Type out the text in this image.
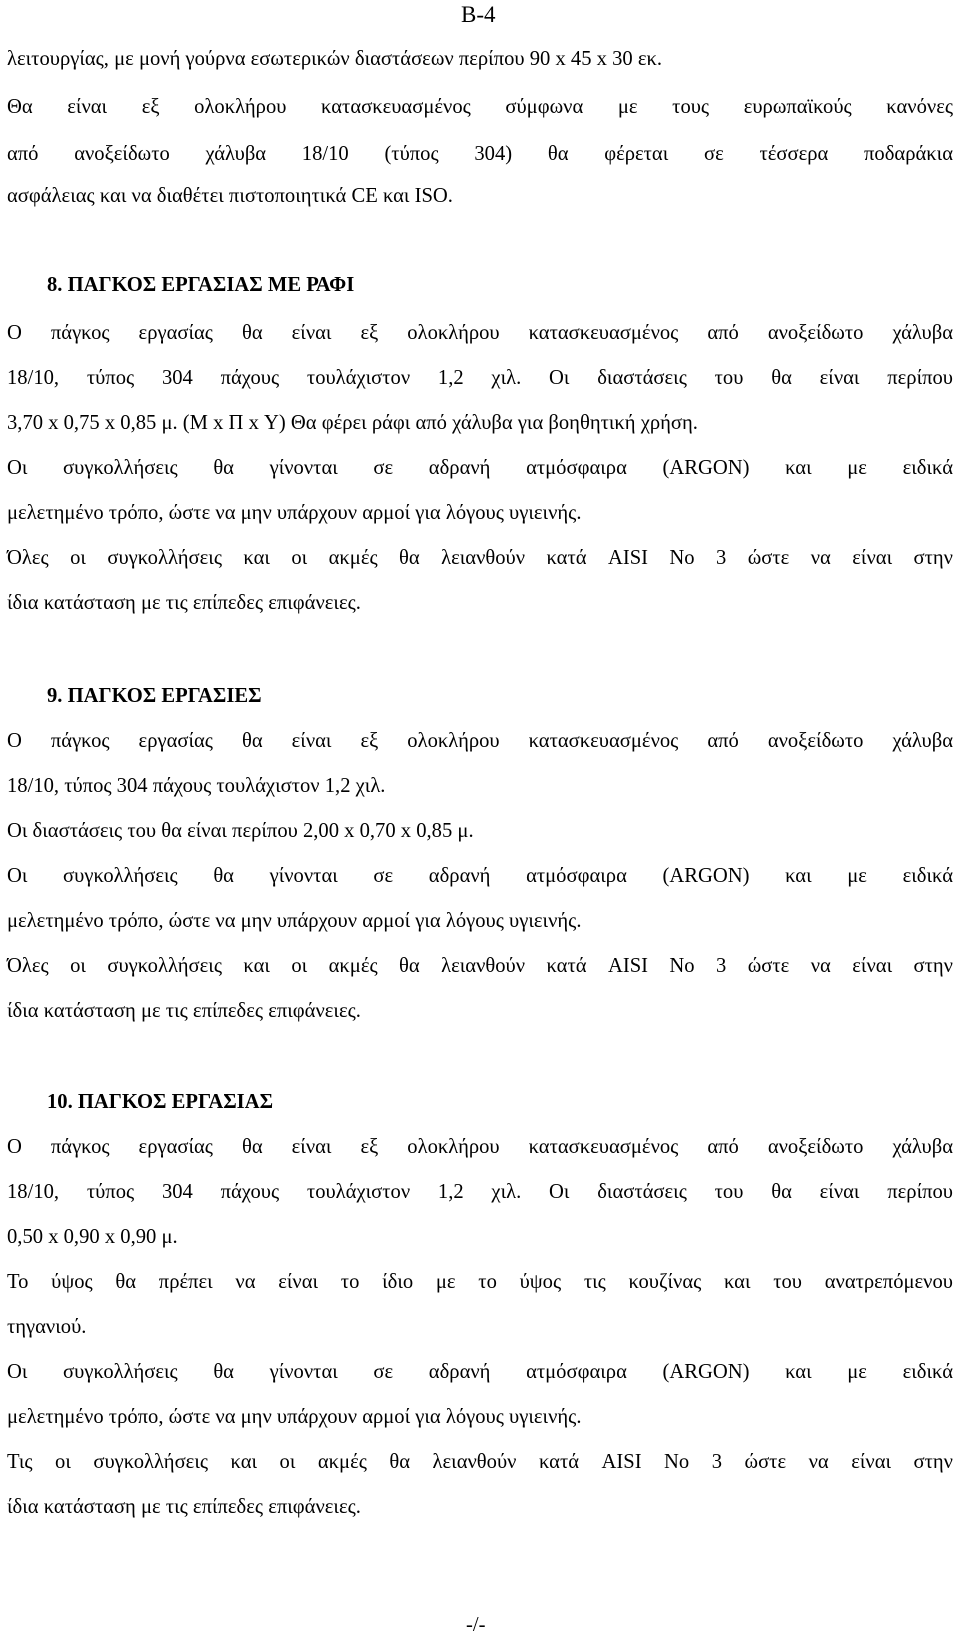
B-4
λειτουργίας, με μονή γούρνα εσωτερικών διαστάσεων περίπου 90 x 45 x 30 εκ.
Θα είναι εξ ολοκλήρου κατασκευασμένος σύμφωνα με τους ευρωπαϊκούς κανόνες
από ανοξείδωτο χάλυβα 18/10 (τύπος 304) θα φέρεται σε τέσσερα ποδαράκια
ασφάλειας και να διαθέτει πιστοποιητικά CE και ISO.
8. ΠΑΓΚΟΣ ΕΡΓΑΣΙΑΣ ΜΕ ΡΑΦΙ
Ο πάγκος εργασίας θα είναι εξ ολοκλήρου κατασκευασμένος από ανοξείδωτο χάλυβα
18/10, τύπος 304 πάχους τουλάχιστον 1,2 χιλ. Οι διαστάσεις του θα είναι περίπου
3,70 x 0,75 x 0,85 μ. (Μ x Π x Υ) Θα φέρει ράφι από χάλυβα για βοηθητική χρήση.
Οι συγκολλήσεις θα γίνονται σε αδρανή ατμόσφαιρα (ARGON) και με ειδικά
μελετημένο τρόπο, ώστε να μην υπάρχουν αρμοί για λόγους υγιεινής.
Όλες οι συγκολλήσεις και οι ακμές θα λειανθούν κατά AISI No 3 ώστε να είναι στην
ίδια κατάσταση με τις επίπεδες επιφάνειες.
9. ΠΑΓΚΟΣ ΕΡΓΑΣΙΕΣ
Ο πάγκος εργασίας θα είναι εξ ολοκλήρου κατασκευασμένος από ανοξείδωτο χάλυβα
18/10, τύπος 304 πάχους τουλάχιστον 1,2 χιλ.
Οι διαστάσεις του θα είναι περίπου 2,00 x 0,70 x 0,85 μ.
Οι συγκολλήσεις θα γίνονται σε αδρανή ατμόσφαιρα (ARGON) και με ειδικά
μελετημένο τρόπο, ώστε να μην υπάρχουν αρμοί για λόγους υγιεινής.
Όλες οι συγκολλήσεις και οι ακμές θα λειανθούν κατά AISI No 3 ώστε να είναι στην
ίδια κατάσταση με τις επίπεδες επιφάνειες.
10. ΠΑΓΚΟΣ ΕΡΓΑΣΙΑΣ
Ο πάγκος εργασίας θα είναι εξ ολοκλήρου κατασκευασμένος από ανοξείδωτο χάλυβα
18/10, τύπος 304 πάχους τουλάχιστον 1,2 χιλ. Οι διαστάσεις του θα είναι περίπου
0,50 x 0,90 x 0,90 μ.
Το ύψος θα πρέπει να είναι το ίδιο με το ύψος τις κουζίνας και του ανατρεπόμενου
τηγανιού.
Οι συγκολλήσεις θα γίνονται σε αδρανή ατμόσφαιρα (ARGON) και με ειδικά
μελετημένο τρόπο, ώστε να μην υπάρχουν αρμοί για λόγους υγιεινής.
Τις οι συγκολλήσεις και οι ακμές θα λειανθούν κατά AISI No 3 ώστε να είναι στην
ίδια κατάσταση με τις επίπεδες επιφάνειες.
-/-
